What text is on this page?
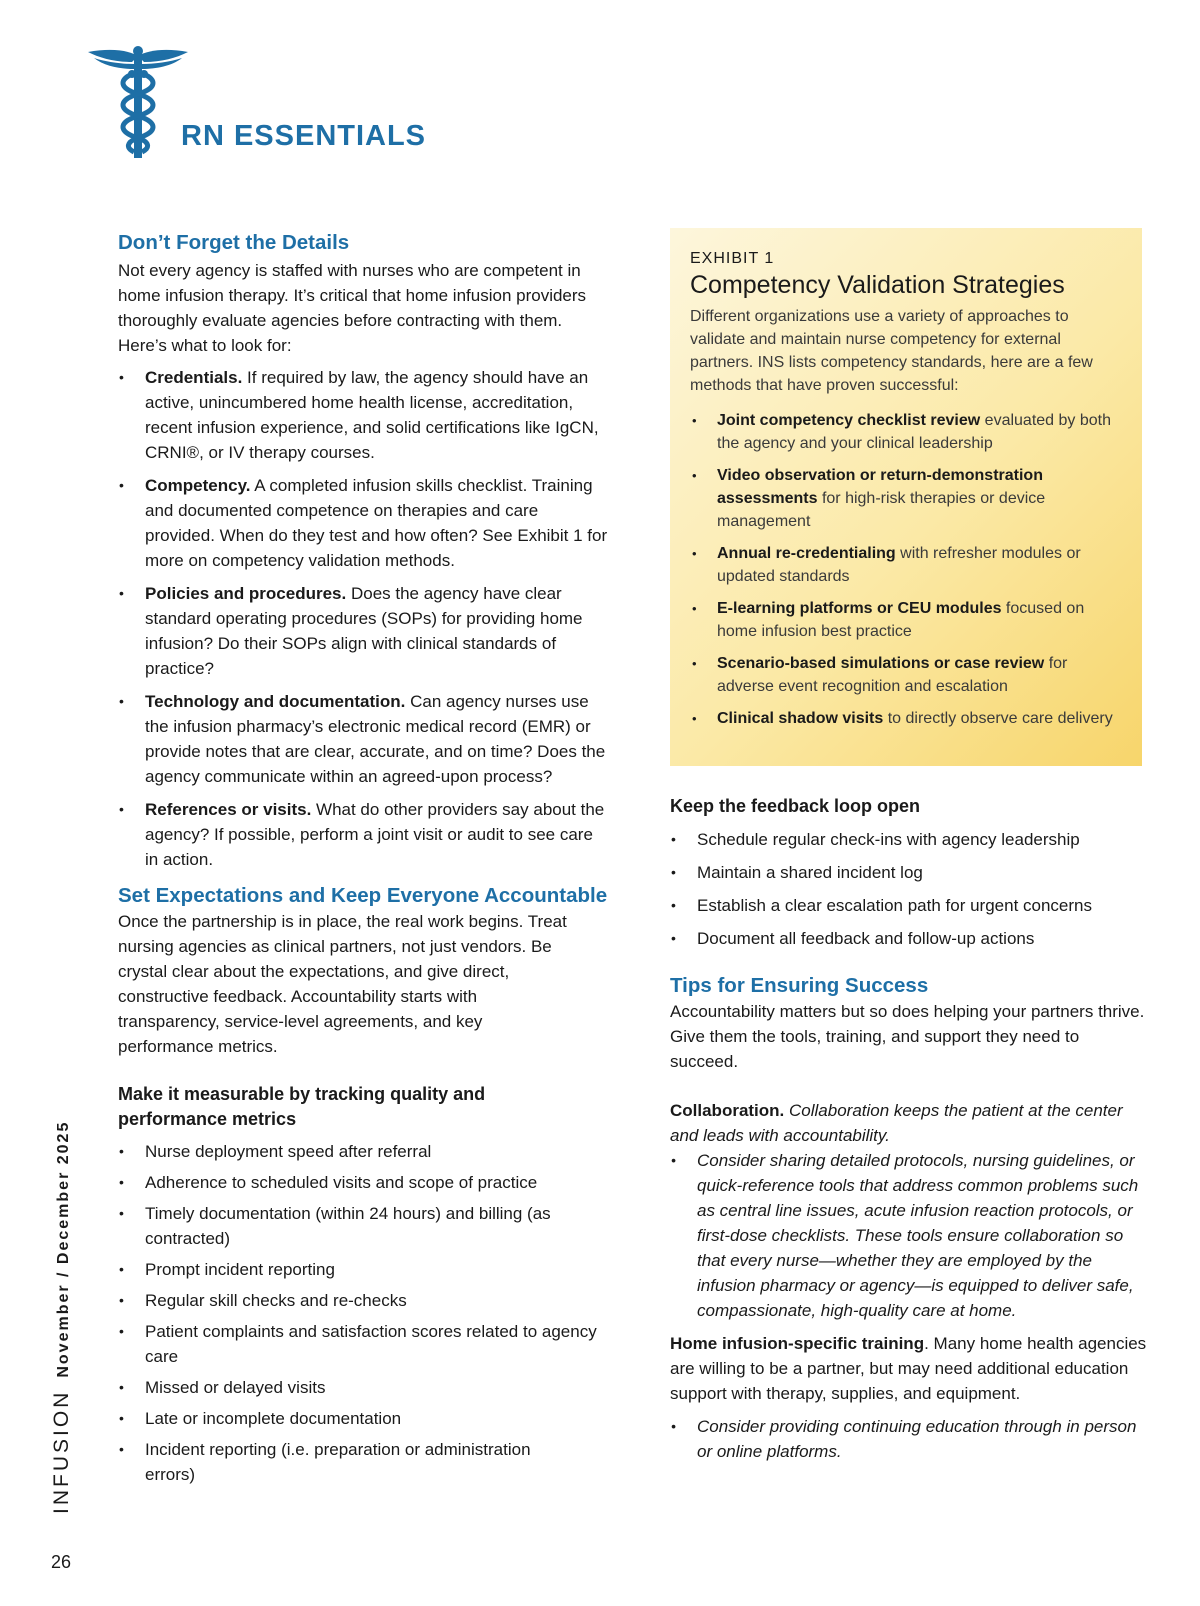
RN ESSENTIALS
INFUSIONNovember / December 2025
26
Don’t Forget the Details

Not every agency is staffed with nurses who are competent in home infusion therapy. It’s critical that home infusion providers thoroughly evaluate agencies before contracting with them. Here’s what to look for:

• Credentials. If required by law, the agency should have an active, unincumbered home health license, accreditation, recent infusion experience, and solid certifications like IgCN, CRNI®, or IV therapy courses.
• Competency. A completed infusion skills checklist. Training and documented competence on therapies and care provided. When do they test and how often? See Exhibit 1 for more on competency validation methods.
• Policies and procedures. Does the agency have clear standard operating procedures (SOPs) for providing home infusion? Do their SOPs align with clinical standards of practice?
• Technology and documentation. Can agency nurses use the infusion pharmacy’s electronic medical record (EMR) or provide notes that are clear, accurate, and on time? Does the agency communicate within an agreed-upon process?
• References or visits. What do other providers say about the agency? If possible, perform a joint visit or audit to see care in action.
Set Expectations and Keep Everyone Accountable

Once the partnership is in place, the real work begins. Treat nursing agencies as clinical partners, not just vendors. Be crystal clear about the expectations, and give direct, constructive feedback. Accountability starts with transparency, service-level agreements, and key performance metrics.

Make it measurable by tracking quality and performance metrics
• Nurse deployment speed after referral
• Adherence to scheduled visits and scope of practice
• Timely documentation (within 24 hours) and billing (as contracted)
• Prompt incident reporting
• Regular skill checks and re-checks
• Patient complaints and satisfaction scores related to agency care
• Missed or delayed visits
• Late or incomplete documentation
• Incident reporting (i.e. preparation or administration errors)
EXHIBIT 1
Competency Validation Strategies

Different organizations use a variety of approaches to validate and maintain nurse competency for external partners. INS lists competency standards, here are a few methods that have proven successful:

• Joint competency checklist review evaluated by both the agency and your clinical leadership
• Video observation or return-demonstration assessments for high-risk therapies or device management
• Annual re-credentialing with refresher modules or updated standards
• E-learning platforms or CEU modules focused on home infusion best practice
• Scenario-based simulations or case review for adverse event recognition and escalation
• Clinical shadow visits to directly observe care delivery
Keep the feedback loop open
• Schedule regular check-ins with agency leadership
• Maintain a shared incident log
• Establish a clear escalation path for urgent concerns
• Document all feedback and follow-up actions
Tips for Ensuring Success

Accountability matters but so does helping your partners thrive. Give them the tools, training, and support they need to succeed.

Collaboration. Collaboration keeps the patient at the center and leads with accountability.

• Consider sharing detailed protocols, nursing guidelines, or quick-reference tools that address common problems such as central line issues, acute infusion reaction protocols, or first-dose checklists. These tools ensure collaboration so that every nurse—whether they are employed by the infusion pharmacy or agency—is equipped to deliver safe, compassionate, high-quality care at home.

Home infusion-specific training. Many home health agencies are willing to be a partner, but may need additional education support with therapy, supplies, and equipment.

• Consider providing continuing education through in person or online platforms.
